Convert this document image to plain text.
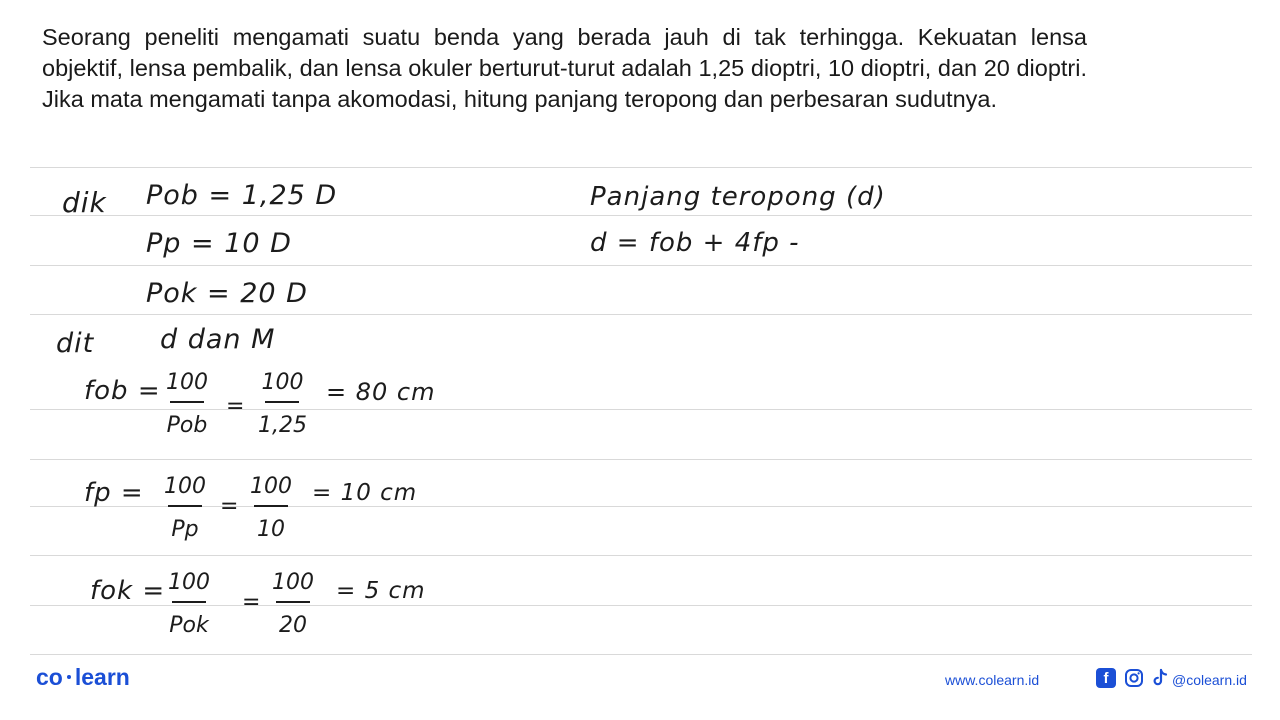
Seorang peneliti mengamati suatu benda yang berada jauh di tak terhingga. Kekuatan lensa objektif, lensa pembalik, dan lensa okuler berturut-turut adalah 1,25 dioptri, 10 dioptri, dan 20 dioptri. Jika mata mengamati tanpa akomodasi, hitung panjang teropong dan perbesaran sudutnya.
dik Pob = 1,25 D
Pp = 10 D
Pok = 20 D
Panjang teropong (d)
d = fob + 4fp -
dit d dan M
fob = 100
Pob
=
100
1,25
= 80 cm
fp = 100
Pp
=
100
10
= 10 cm
fok = 100
Pok
=
100
20
= 5 cm
co learn	www.colearn.id	f	@colearn.id
